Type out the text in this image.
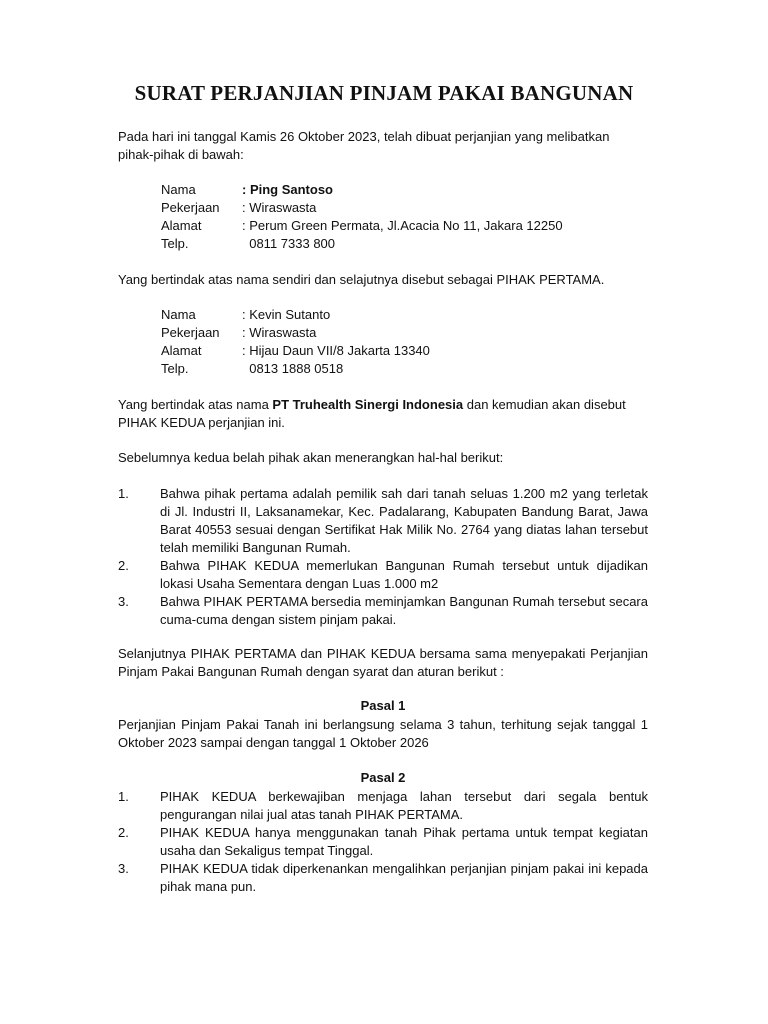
SURAT PERJANJIAN PINJAM PAKAI BANGUNAN
Pada hari ini tanggal Kamis 26 Oktober 2023, telah dibuat perjanjian yang melibatkan pihak-pihak di bawah:
Nama	: Ping Santoso
Pekerjaan	: Wiraswasta
Alamat	: Perum Green Permata, Jl.Acacia No 11, Jakara 12250
Telp.	0811 7333 800
Yang bertindak atas nama sendiri dan selajutnya disebut sebagai PIHAK PERTAMA.
Nama	: Kevin Sutanto
Pekerjaan	: Wiraswasta
Alamat	: Hijau Daun VII/8 Jakarta 13340
Telp.	0813 1888 0518
Yang bertindak atas nama PT Truhealth Sinergi Indonesia dan kemudian akan disebut PIHAK KEDUA perjanjian ini.
Sebelumnya kedua belah pihak akan menerangkan hal-hal berikut:
1.	Bahwa pihak pertama adalah pemilik sah dari tanah seluas 1.200 m2 yang terletak di Jl. Industri II, Laksanamekar, Kec. Padalarang, Kabupaten Bandung Barat, Jawa Barat 40553 sesuai dengan Sertifikat Hak Milik No. 2764 yang diatas lahan tersebut telah memiliki Bangunan Rumah.
2.	Bahwa PIHAK KEDUA memerlukan Bangunan Rumah tersebut untuk dijadikan lokasi Usaha Sementara dengan Luas 1.000 m2
3.	Bahwa PIHAK PERTAMA bersedia meminjamkan Bangunan Rumah tersebut secara cuma-cuma dengan sistem pinjam pakai.
Selanjutnya PIHAK PERTAMA dan PIHAK KEDUA bersama sama menyepakati Perjanjian Pinjam Pakai Bangunan Rumah dengan syarat dan aturan berikut :
Pasal 1
Perjanjian Pinjam Pakai Tanah ini berlangsung selama 3 tahun, terhitung sejak tanggal 1 Oktober 2023 sampai dengan tanggal 1 Oktober 2026
Pasal 2
1.	PIHAK KEDUA berkewajiban menjaga lahan tersebut dari segala bentuk pengurangan nilai jual atas tanah PIHAK PERTAMA.
2.	PIHAK KEDUA hanya menggunakan tanah Pihak pertama untuk tempat kegiatan usaha dan Sekaligus tempat Tinggal.
3.	PIHAK KEDUA tidak diperkenankan mengalihkan perjanjian pinjam pakai ini kepada pihak mana pun.
